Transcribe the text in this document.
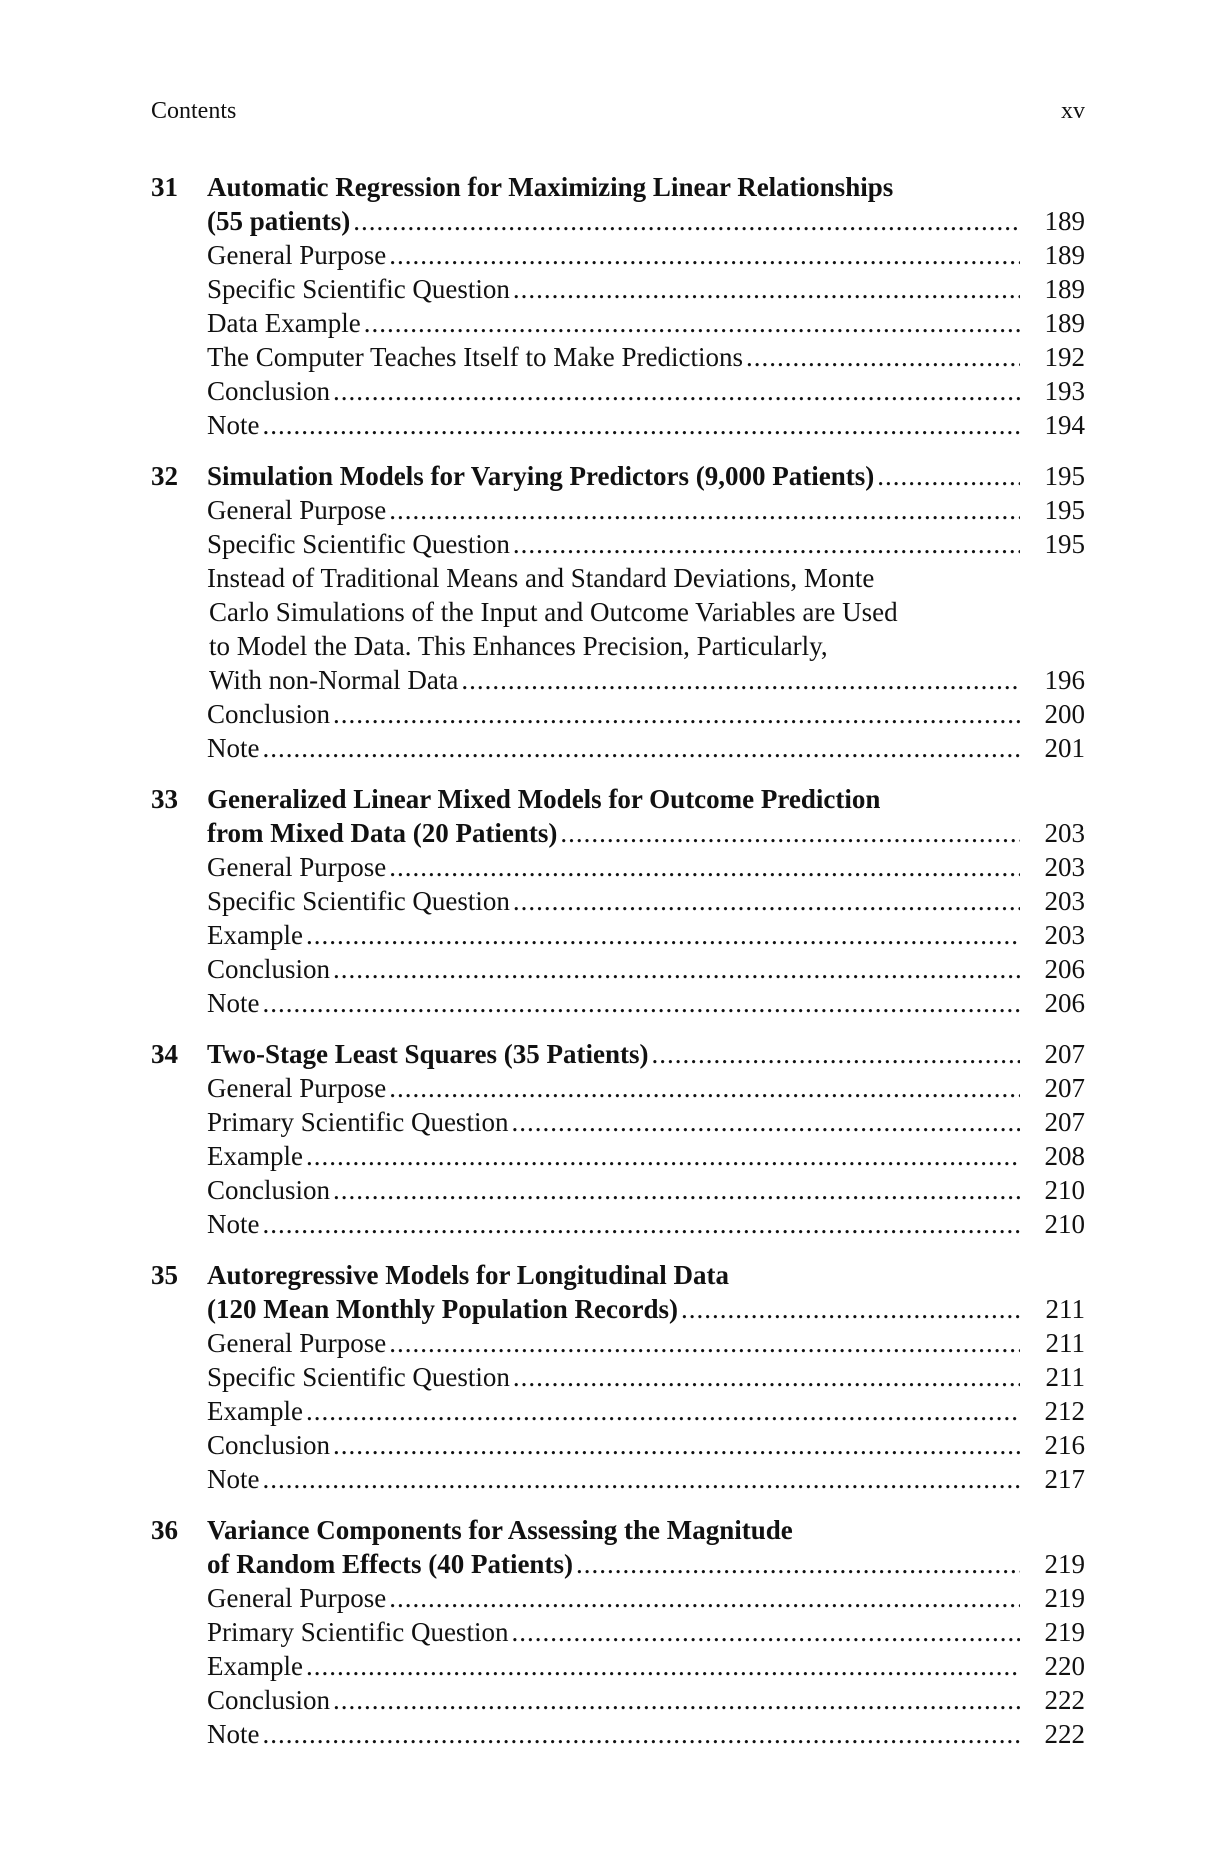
Contents	xv
31	Automatic Regression for Maximizing Linear Relationships
(55 patients) .....	189
General Purpose .....	189
Specific Scientific Question .....	189
Data Example .....	189
The Computer Teaches Itself to Make Predictions .....	192
Conclusion .....	193
Note .....	194
32	Simulation Models for Varying Predictors (9,000 Patients) .....	195
General Purpose .....	195
Specific Scientific Question .....	195
Instead of Traditional Means and Standard Deviations, Monte
Carlo Simulations of the Input and Outcome Variables are Used
to Model the Data. This Enhances Precision, Particularly,
With non-Normal Data .....	196
Conclusion .....	200
Note .....	201
33	Generalized Linear Mixed Models for Outcome Prediction
from Mixed Data (20 Patients) .....	203
General Purpose .....	203
Specific Scientific Question .....	203
Example .....	203
Conclusion .....	206
Note .....	206
34	Two-Stage Least Squares (35 Patients) .....	207
General Purpose .....	207
Primary Scientific Question .....	207
Example .....	208
Conclusion .....	210
Note .....	210
35	Autoregressive Models for Longitudinal Data
(120 Mean Monthly Population Records) .....	211
General Purpose .....	211
Specific Scientific Question .....	211
Example .....	212
Conclusion .....	216
Note .....	217
36	Variance Components for Assessing the Magnitude
of Random Effects (40 Patients) .....	219
General Purpose .....	219
Primary Scientific Question .....	219
Example .....	220
Conclusion .....	222
Note .....	222
